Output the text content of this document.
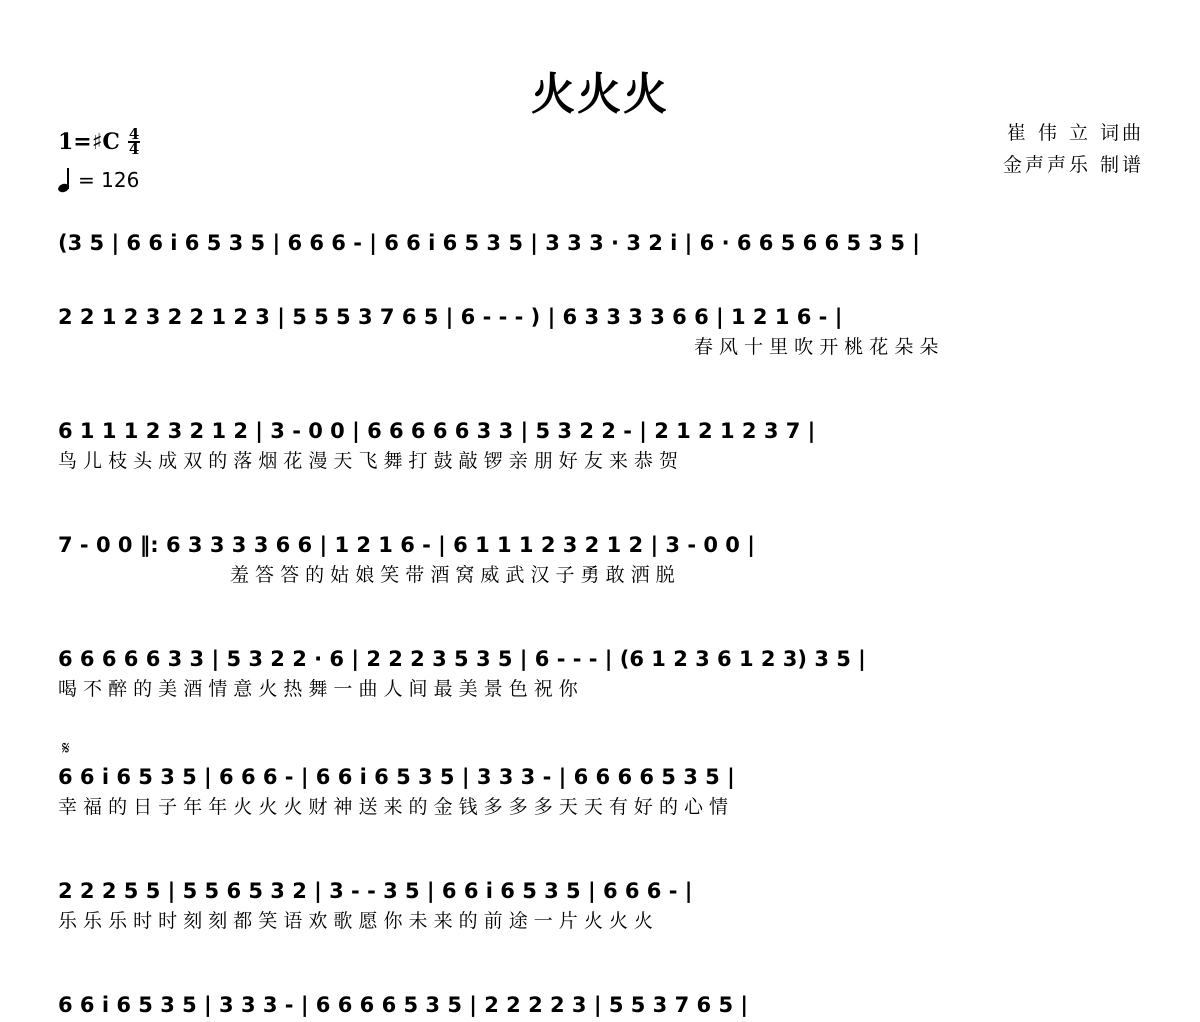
火火火
崔 伟 立 词曲
金声声乐 制谱
1=♯C $\frac{4}{4}$
= 126
𝄋
(3 5 | 6 6 i 6 5 3 5 | 6 6 6 - | 6 6 i 6 5 3 5 | 3 3 3 · 3 2 i | 6 · 6 6 5 6 6 5 3 5 |
2 2 1 2 3 2 2 1 2 3 | 5 5 5 3 7 6 5 | 6 - - - ) | 6 3 3 3 3 6 6 | 1 2 1 6 - |
春 风 十 里 吹 开 桃 花 朵 朵
6 1 1 1 2 3 2 1 2 | 3 - 0 0 | 6 6 6 6 6 3 3 | 5 3 2 2 - | 2 1 2 1 2 3 7 |
鸟 儿 枝 头 成 双 的 落 烟 花 漫 天 飞 舞 打 鼓 敲 锣 亲 朋 好 友 来 恭 贺
7 - 0 0 ‖: 6 3 3 3 3 6 6 | 1 2 1 6 - | 6 1 1 1 2 3 2 1 2 | 3 - 0 0 |
羞 答 答 的 姑 娘 笑 带 酒 窝 威 武 汉 子 勇 敢 洒 脱
6 6 6 6 6 3 3 | 5 3 2 2 · 6 | 2 2 2 3 5 3 5 | 6 - - - | (6 1 2 3 6 1 2 3) 3 5 |
喝 不 醉 的 美 酒 情 意 火 热 舞 一 曲 人 间 最 美 景 色 祝 你
6 6 i 6 5 3 5 | 6 6 6 - | 6 6 i 6 5 3 5 | 3 3 3 - | 6 6 6 6 5 3 5 |
幸 福 的 日 子 年 年 火 火 火 财 神 送 来 的 金 钱 多 多 多 天 天 有 好 的 心 情
2 2 2 5 5 | 5 5 6 5 3 2 | 3 - - 3 5 | 6 6 i 6 5 3 5 | 6 6 6 - |
乐 乐 乐 时 时 刻 刻 都 笑 语 欢 歌 愿 你 未 来 的 前 途 一 片 火 火 火
6 6 i 6 5 3 5 | 3 3 3 - | 6 6 6 6 5 3 5 | 2 2 2 2 3 | 5 5 3 7 6 5 |
